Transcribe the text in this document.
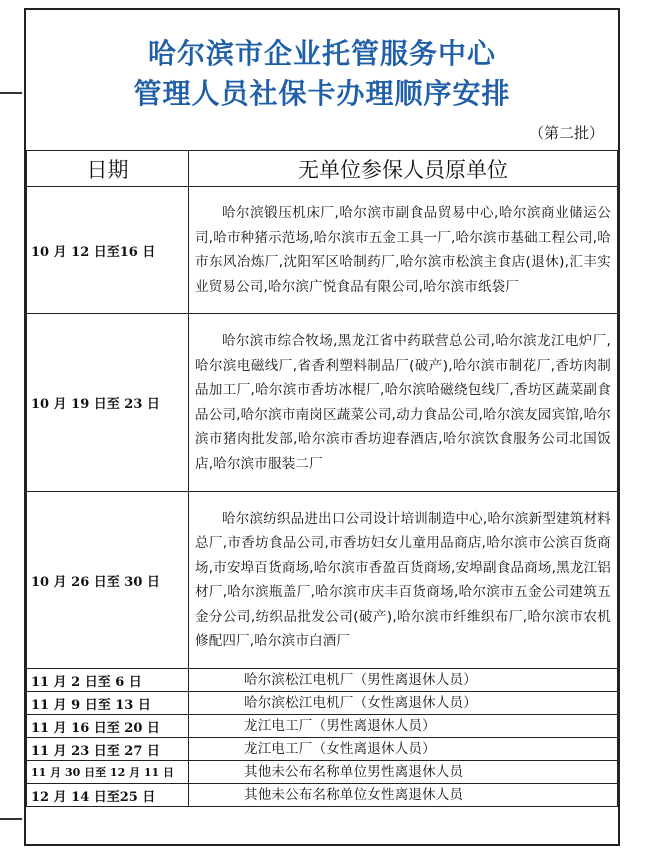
哈尔滨市企业托管服务中心
管理人员社保卡办理顺序安排
（第二批）
日期	无单位参保人员原单位
10 月 12 日至16 日	哈尔滨锻压机床厂,哈尔滨市副食品贸易中心,哈尔滨商业储运公司,哈市种猪示范场,哈尔滨市五金工具一厂,哈尔滨市基础工程公司,哈市东风冶炼厂,沈阳军区哈制药厂,哈尔滨市松滨主食店(退休),汇丰实业贸易公司,哈尔滨广悦食品有限公司,哈尔滨市纸袋厂

10 月 19 日至 23 日	哈尔滨市综合牧场,黑龙江省中药联营总公司,哈尔滨龙江电炉厂,哈尔滨电磁线厂,省香利塑料制品厂(破产),哈尔滨市制花厂,香坊肉制品加工厂,哈尔滨市香坊冰棍厂,哈尔滨哈磁绕包线厂,香坊区蔬菜副食品公司,哈尔滨市南岗区蔬菜公司,动力食品公司,哈尔滨友园宾馆,哈尔滨市猪肉批发部,哈尔滨市香坊迎春酒店,哈尔滨饮食服务公司北国饭店,哈尔滨市服装二厂

10 月 26 日至 30 日	哈尔滨纺织品进出口公司设计培训制造中心,哈尔滨新型建筑材料总厂,市香坊食品公司,市香坊妇女儿童用品商店,哈尔滨市公滨百货商场,市安埠百货商场,哈尔滨市香盈百货商场,安埠副食品商场,黑龙江铝材厂,哈尔滨瓶盖厂,哈尔滨市庆丰百货商场,哈尔滨市五金公司建筑五金分公司,纺织品批发公司(破产),哈尔滨市纤维织布厂,哈尔滨市农机修配四厂,哈尔滨市白酒厂

11 月 2 日至 6 日	哈尔滨松江电机厂（男性离退休人员）
11 月 9 日至 13 日	哈尔滨松江电机厂（女性离退休人员）
11 月 16 日至 20 日	龙江电工厂（男性离退休人员）
11 月 23 日至 27 日	龙江电工厂（女性离退休人员）
11 月 30 日至 12 月 11 日	其他未公布名称单位男性离退休人员
12 月 14 日至25 日	其他未公布名称单位女性离退休人员
